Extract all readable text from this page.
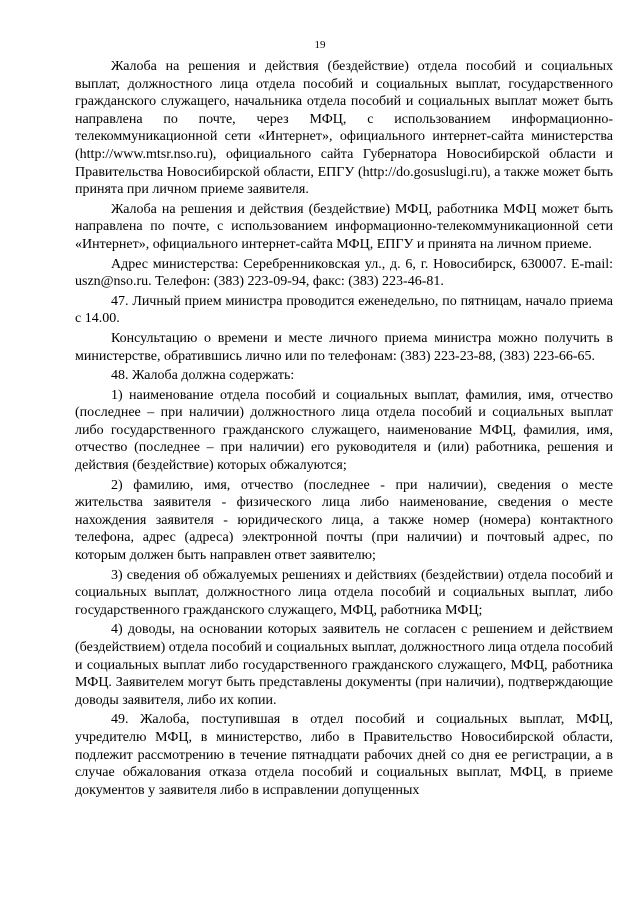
19

Жалоба на решения и действия (бездействие) отдела пособий и социальных выплат, должностного лица отдела пособий и социальных выплат, государственного гражданского служащего, начальника отдела пособий и социальных выплат может быть направлена по почте, через МФЦ, с использованием информационно-телекоммуникационной сети «Интернет», официального интернет-сайта министерства (http://www.mtsr.nso.ru), официального сайта Губернатора Новосибирской области и Правительства Новосибирской области, ЕПГУ (http://do.gosuslugi.ru), а также может быть принята при личном приеме заявителя.

Жалоба на решения и действия (бездействие) МФЦ, работника МФЦ может быть направлена по почте, с использованием информационно-телекоммуникационной сети «Интернет», официального интернет-сайта МФЦ, ЕПГУ и принята на личном приеме.

Адрес министерства: Серебренниковская ул., д. 6, г. Новосибирск, 630007. E-mail: uszn@nso.ru. Телефон: (383) 223-09-94, факс: (383) 223-46-81.

47. Личный прием министра проводится еженедельно, по пятницам, начало приема с 14.00.

Консультацию о времени и месте личного приема министра можно получить в министерстве, обратившись лично или по телефонам: (383) 223-23-88, (383) 223-66-65.

48. Жалоба должна содержать:

1) наименование отдела пособий и социальных выплат, фамилия, имя, отчество (последнее – при наличии) должностного лица отдела пособий и социальных выплат либо государственного гражданского служащего, наименование МФЦ, фамилия, имя, отчество (последнее – при наличии) его руководителя и (или) работника, решения и действия (бездействие) которых обжалуются;

2) фамилию, имя, отчество (последнее - при наличии), сведения о месте жительства заявителя - физического лица либо наименование, сведения о месте нахождения заявителя - юридического лица, а также номер (номера) контактного телефона, адрес (адреса) электронной почты (при наличии) и почтовый адрес, по которым должен быть направлен ответ заявителю;

3) сведения об обжалуемых решениях и действиях (бездействии) отдела пособий и социальных выплат, должностного лица отдела пособий и социальных выплат, либо государственного гражданского служащего, МФЦ, работника МФЦ;

4) доводы, на основании которых заявитель не согласен с решением и действием (бездействием) отдела пособий и социальных выплат, должностного лица отдела пособий и социальных выплат либо государственного гражданского служащего, МФЦ, работника МФЦ. Заявителем могут быть представлены документы (при наличии), подтверждающие доводы заявителя, либо их копии.

49. Жалоба, поступившая в отдел пособий и социальных выплат, МФЦ, учредителю МФЦ, в министерство, либо в Правительство Новосибирской области, подлежит рассмотрению в течение пятнадцати рабочих дней со дня ее регистрации, а в случае обжалования отказа отдела пособий и социальных выплат, МФЦ, в приеме документов у заявителя либо в исправлении допущенных
